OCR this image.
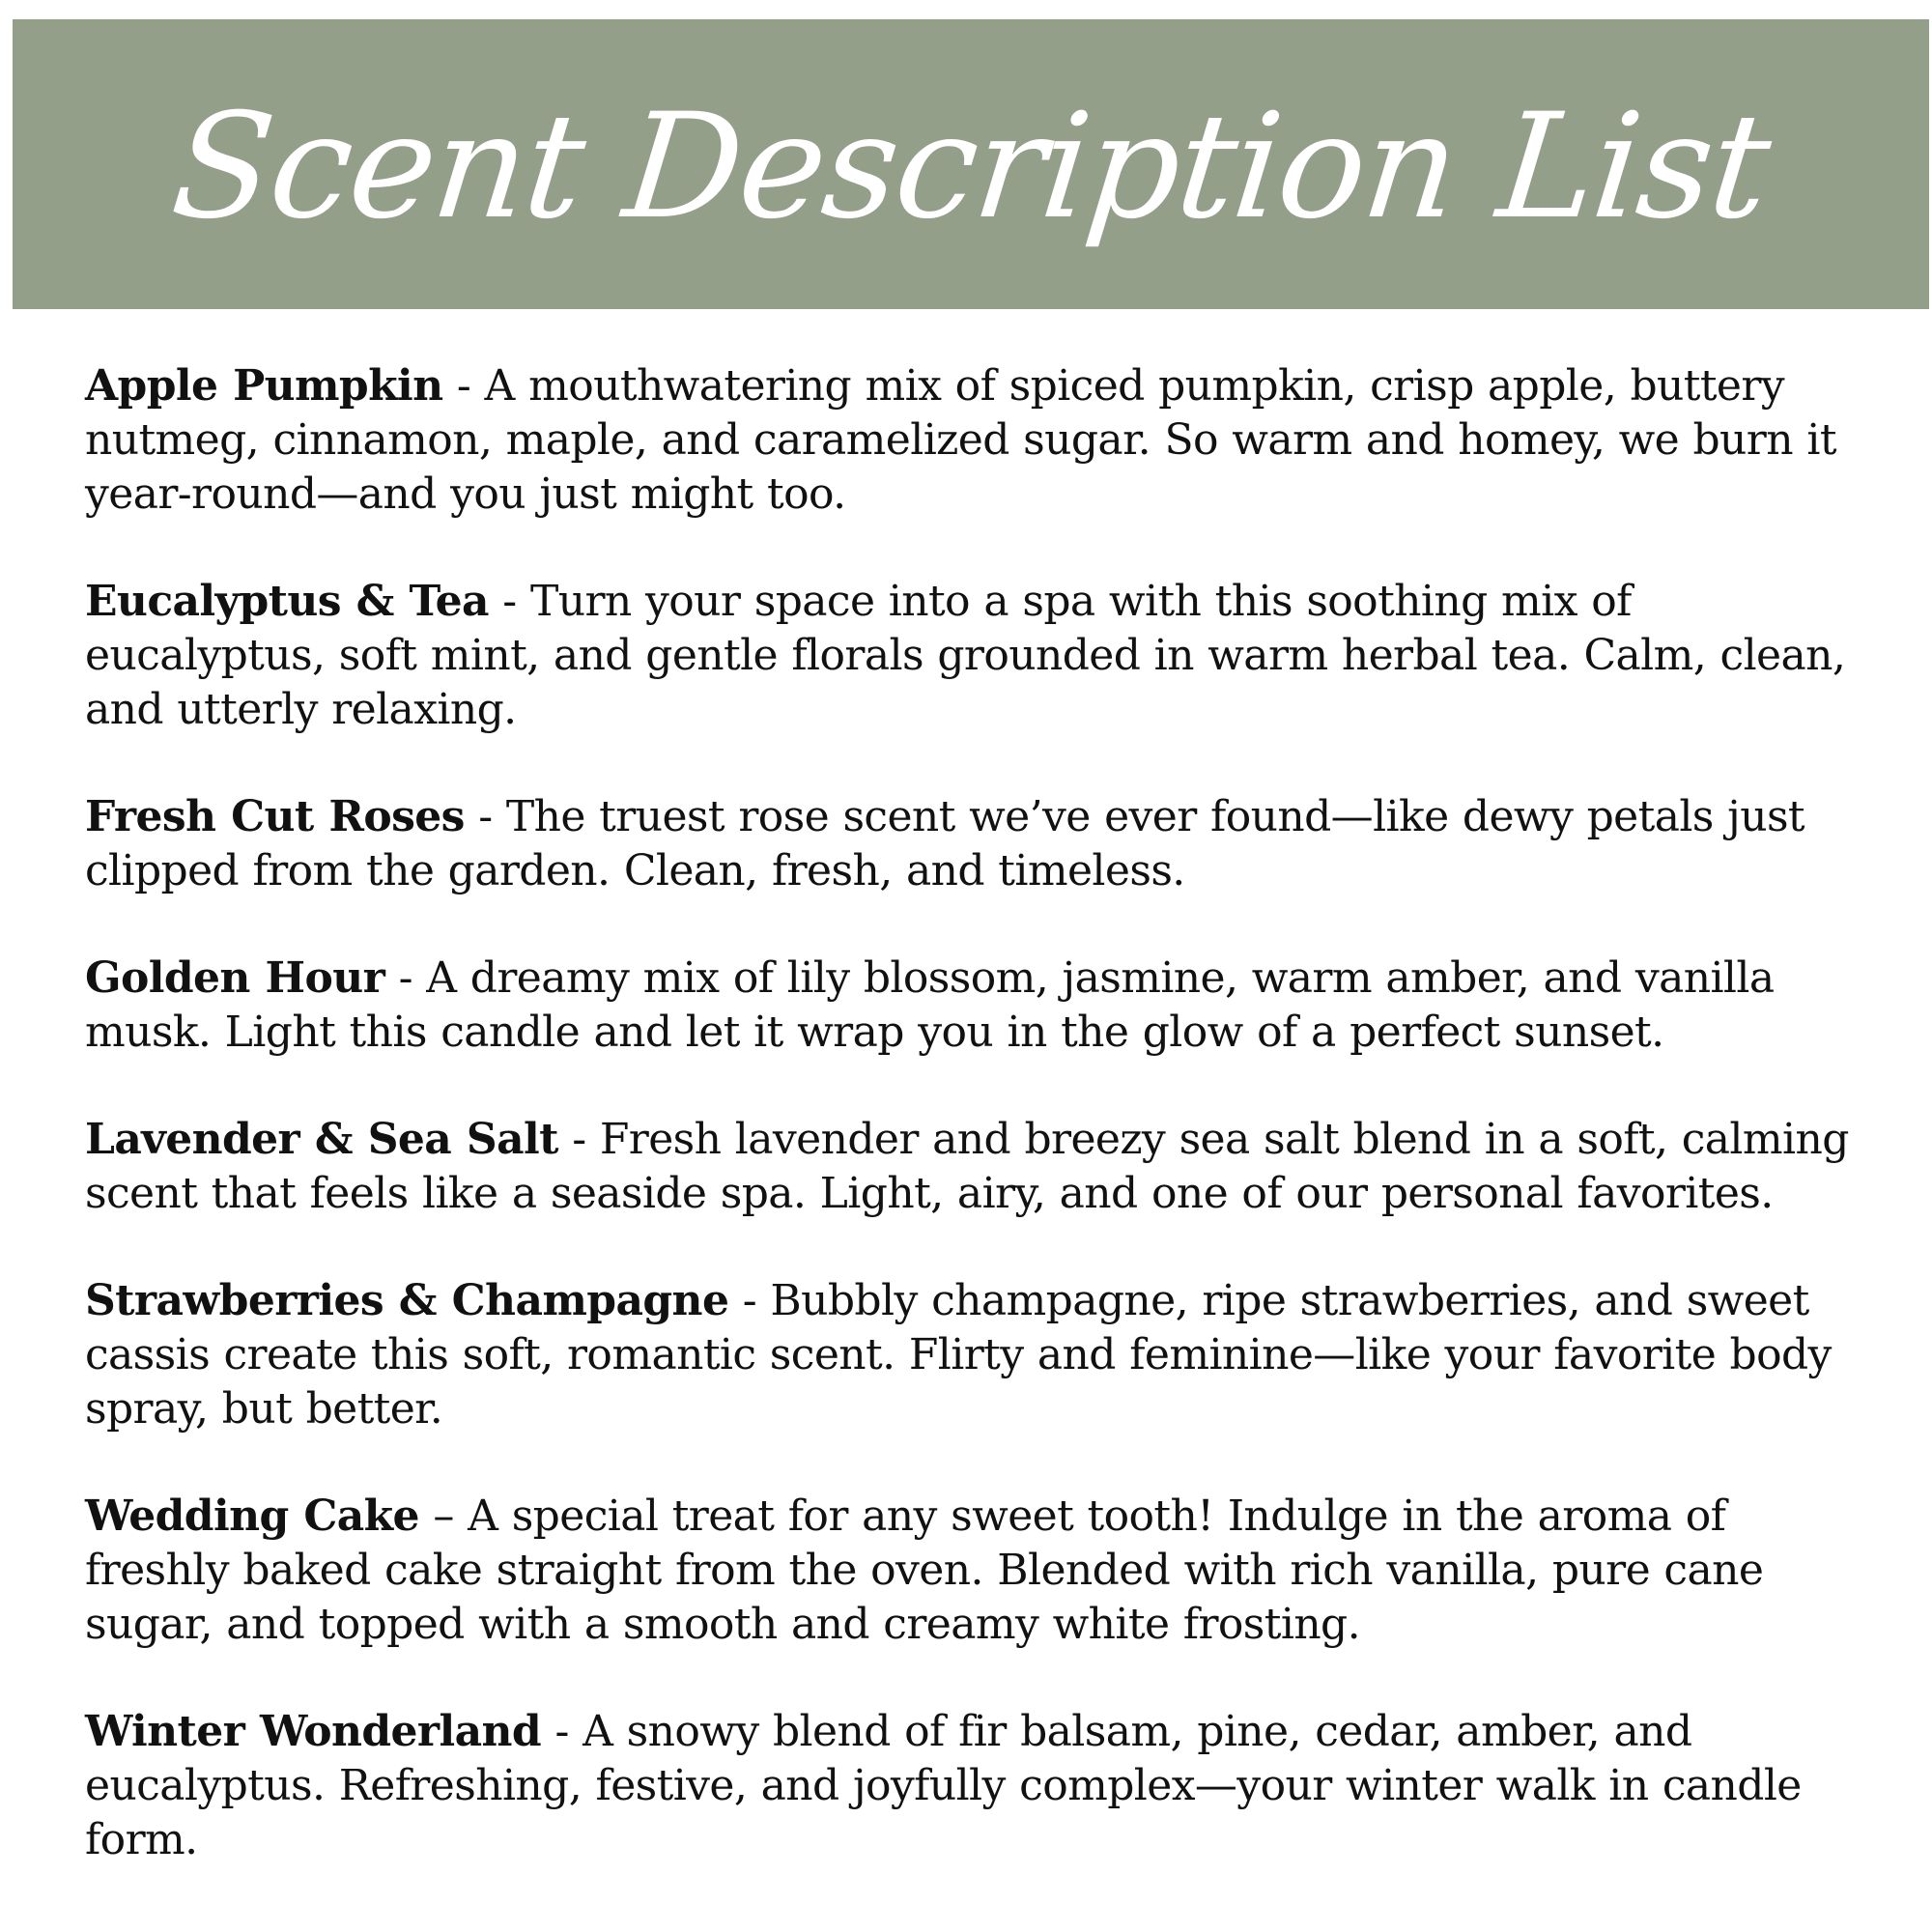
Scent Description List

Apple Pumpkin - A mouthwatering mix of spiced pumpkin, crisp apple, buttery nutmeg, cinnamon, maple, and caramelized sugar. So warm and homey, we burn it year-round—and you just might too.

Eucalyptus & Tea - Turn your space into a spa with this soothing mix of eucalyptus, soft mint, and gentle florals grounded in warm herbal tea. Calm, clean, and utterly relaxing.

Fresh Cut Roses - The truest rose scent we’ve ever found—like dewy petals just clipped from the garden. Clean, fresh, and timeless.

Golden Hour - A dreamy mix of lily blossom, jasmine, warm amber, and vanilla musk. Light this candle and let it wrap you in the glow of a perfect sunset.

Lavender & Sea Salt - Fresh lavender and breezy sea salt blend in a soft, calming scent that feels like a seaside spa. Light, airy, and one of our personal favorites.

Strawberries & Champagne - Bubbly champagne, ripe strawberries, and sweet cassis create this soft, romantic scent. Flirty and feminine—like your favorite body spray, but better.

Wedding Cake – A special treat for any sweet tooth! Indulge in the aroma of freshly baked cake straight from the oven. Blended with rich vanilla, pure cane sugar, and topped with a smooth and creamy white frosting.

Winter Wonderland - A snowy blend of fir balsam, pine, cedar, amber, and eucalyptus. Refreshing, festive, and joyfully complex—your winter walk in candle form.
